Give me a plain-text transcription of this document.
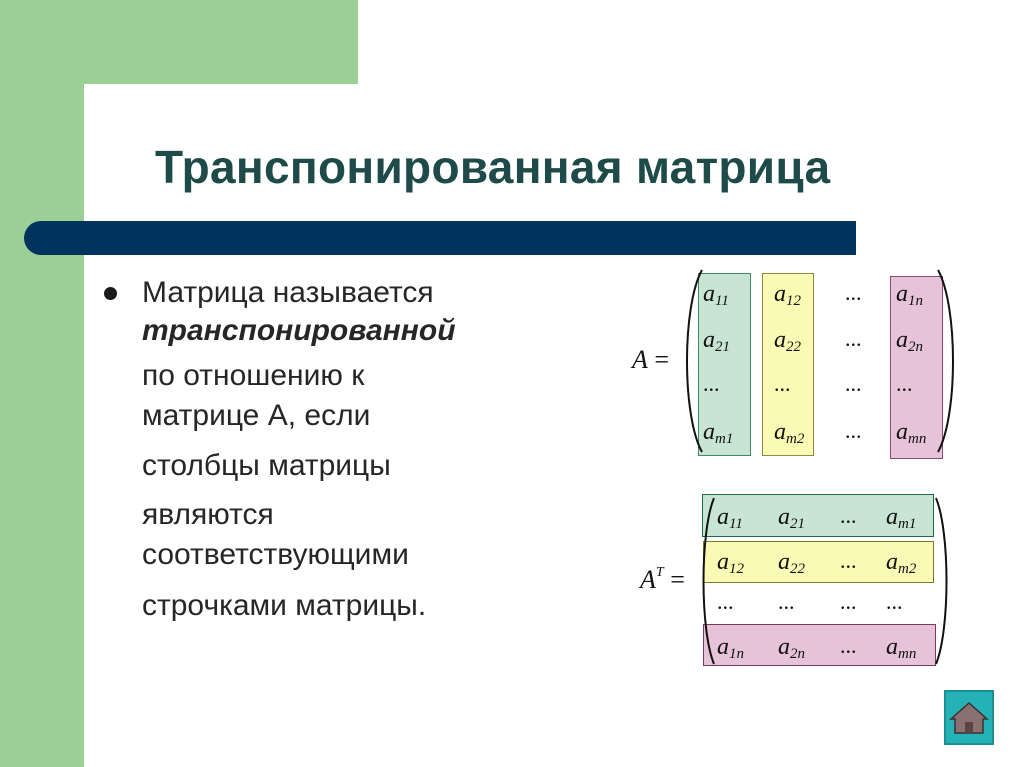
Транспонированная матрица
Матрица называется
транспонированной
по отношению к
матрице А, если
столбцы матрицы
являются
соответствующими
строчками матрицы.
A =
$a_{11}$ $a_{12}$ ... $a_{1n}$
$a_{21}$ $a_{22}$ ... $a_{2n}$
... ... ... ...
$a_{m1}$ $a_{m2}$ ... $a_{mn}$
$A^T$ =
$a_{11}$ $a_{21}$ ... $a_{m1}$
$a_{12}$ $a_{22}$ ... $a_{m2}$
... ... ... ...
$a_{1n}$ $a_{2n}$ ... $a_{mn}$
